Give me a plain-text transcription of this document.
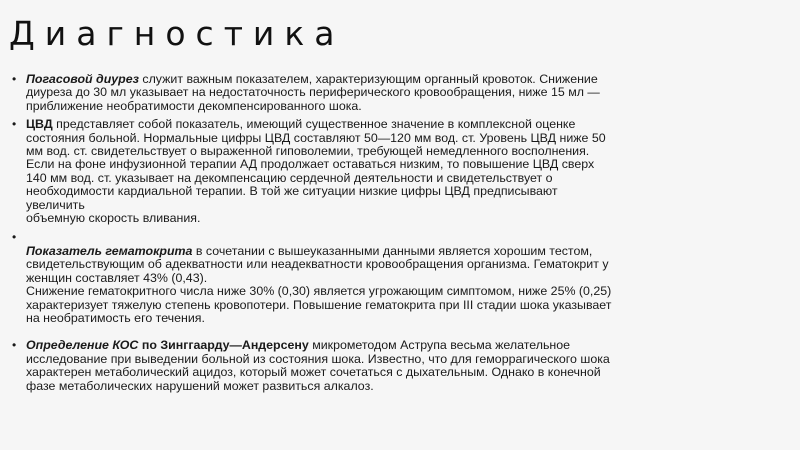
Диагностика
• Погасовой диурез служит важным показателем, характеризующим органный кровоток. Снижение
диуреза до 30 мл указывает на недостаточность периферического кровообращения, ниже 15 мл —
приближение необратимости декомпенсированного шока.
• ЦВД представляет собой показатель, имеющий существенное значение в комплексной оценке
состояния больной. Нормальные цифры ЦВД составляют 50—120 мм вод. ст. Уровень ЦВД ниже 50
мм вод. ст. свидетельствует о выраженной гиповолемии, требующей немедленного восполнения.
Если на фоне инфузионной терапии АД продолжает оставаться низким, то повышение ЦВД сверх
140 мм вод. ст. указывает на декомпенсацию сердечной деятельности и свидетельствует о
необходимости кардиальной терапии. В той же ситуации низкие цифры ЦВД предписывают
увеличить
объемную скорость вливания.
•

Показатель гематокрита в сочетании с вышеуказанными данными является хорошим тестом,
свидетельствующим об адекватности или неадекватности кровообращения организма. Гематокрит у
женщин составляет 43% (0,43).
Снижение гематокритного числа ниже 30% (0,30) является угрожающим симптомом, ниже 25% (0,25)
характеризует тяжелую степень кровопотери. Повышение гематокрита при III стадии шока указывает
на необратимость его течения.
• Определение КОС по Зинггаарду—Андерсену микрометодом Аструпа весьма желательное
исследование при выведении больной из состояния шока. Известно, что для геморрагического шока
характерен метаболический ацидоз, который может сочетаться с дыхательным. Однако в конечной
фазе метаболических нарушений может развиться алкалоз.
